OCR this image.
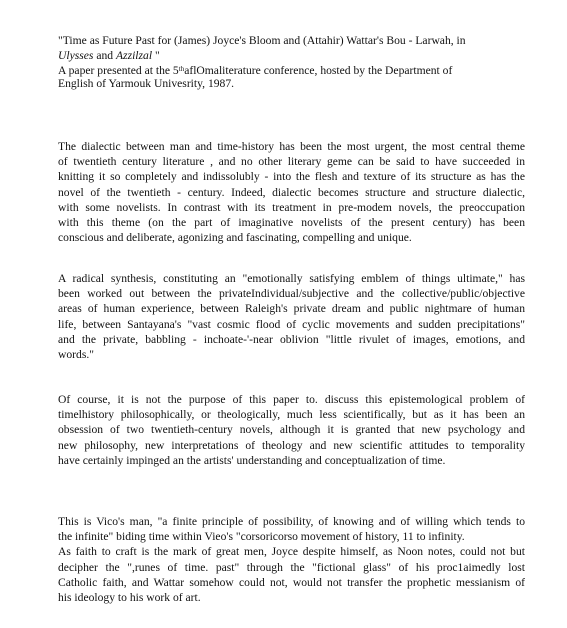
"Time as Future Past for (James) Joyce's Bloom and (Attahir) Wattar's Bou - Larwah, in
Ulysses and Azzilzal "
A paper presented at the 5thaflOmaliterature conference, hosted by the Department of
English of Yarmouk Univesrity, 1987.
The dialectic between man and time-history has been the most urgent, the most central theme
of twentieth century literature , and no other literary geme can be said to have succeeded in
knitting it so completely and indissolubly - into the flesh and texture of its structure as has the
novel of the twentieth - century. Indeed, dialectic becomes structure and structure dialectic,
with some novelists. In contrast with its treatment in pre-modem novels, the preoccupation
with this theme (on the part of imaginative novelists of the present century) has been
conscious and deliberate, agonizing and fascinating, compelling and unique.
A radical synthesis, constituting an "emotionally satisfying emblem of things ultimate," has
been worked out between the privateIndividual/subjective and the collective/public/objective
areas of human experience, between Raleigh's private dream and public nightmare of human
life, between Santayana's "vast cosmic flood of cyclic movements and sudden precipitations"
and the private, babbling - inchoate-'-near oblivion "little rivulet of images, emotions, and
words."
Of course, it is not the purpose of this paper to. discuss this epistemological problem of
timelhistory philosophically, or theologically, much less scientifically, but as it has been an
obsession of two twentieth-century novels, although it is granted that new psychology and
new philosophy, new interpretations of theology and new scientific attitudes to temporality
have certainly impinged an the artists' understanding and conceptualization of time.
This is Vico's man, "a finite principle of possibility, of knowing and of willing which tends to
the infinite" biding time within Vieo's "corsoricorso movement of history, 11 to infinity.
As faith to craft is the mark of great men, Joyce despite himself, as Noon notes, could not but
decipher the ",runes of time. past" through the "fictional glass" of his proc1aimedly lost
Catholic faith, and Wattar somehow could not, would not transfer the prophetic messianism of
his ideology to his work of art.
